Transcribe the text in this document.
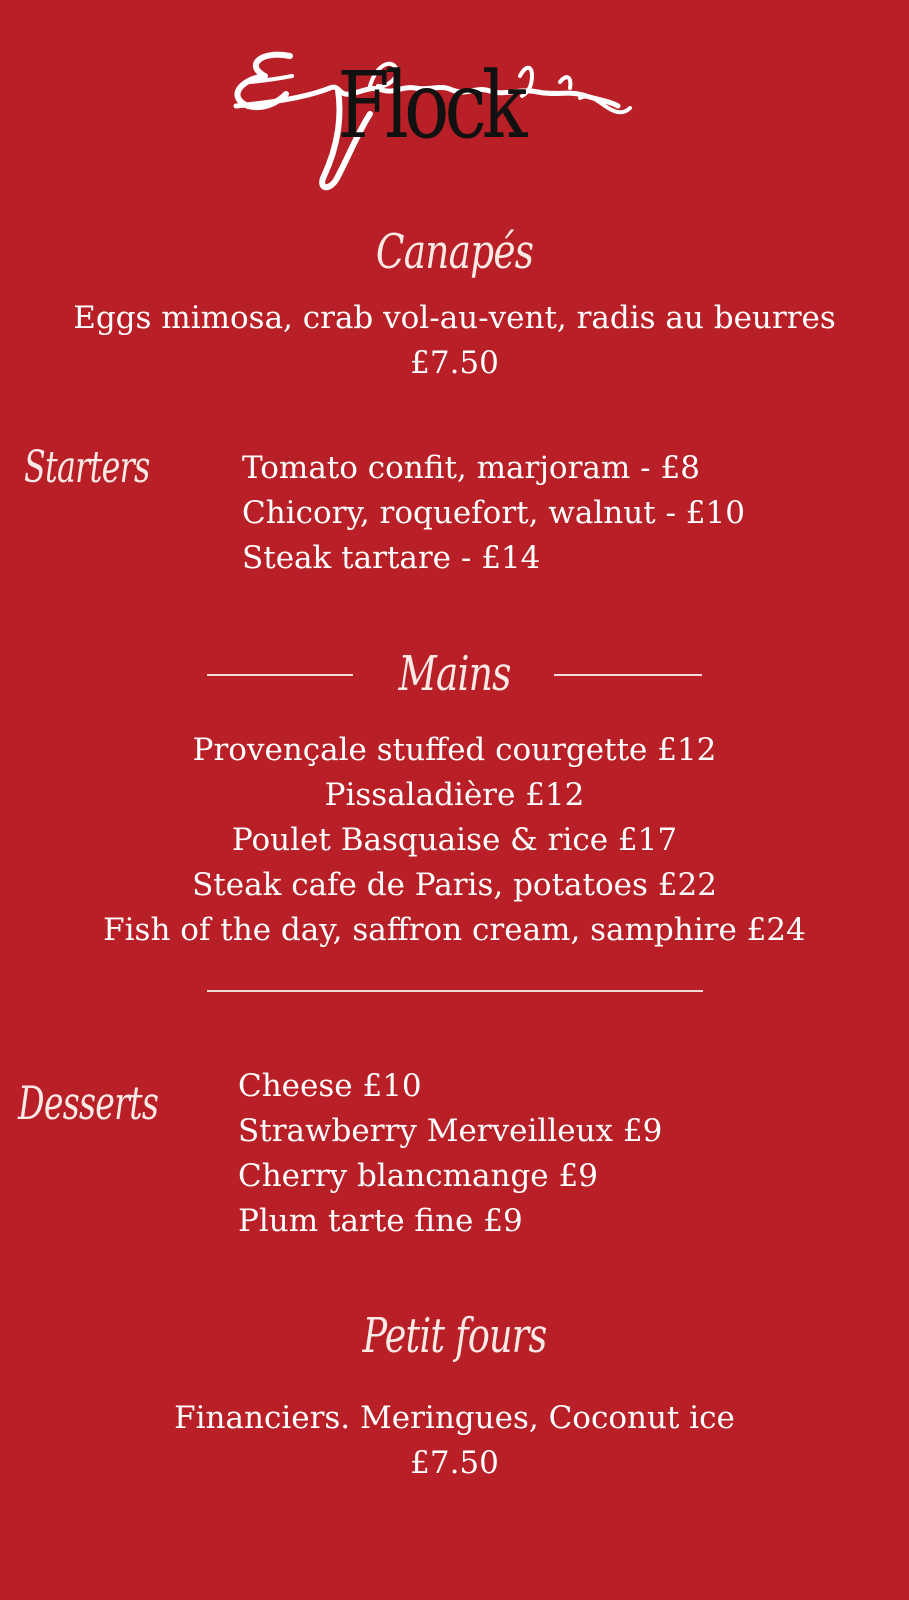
Flock
Canapés
Eggs mimosa, crab vol-au-vent, radis au beurres
£7.50
Starters	Tomato confit, marjoram - £8
Chicory, roquefort, walnut - £10
Steak tartare - £14
Mains
Provençale stuffed courgette £12
Pissaladière £12
Poulet Basquaise & rice £17
Steak cafe de Paris, potatoes £22
Fish of the day, saffron cream, samphire £24
Desserts	Cheese £10
Strawberry Merveilleux £9
Cherry blancmange £9
Plum tarte fine £9
Petit fours
Financiers. Meringues, Coconut ice
£7.50
